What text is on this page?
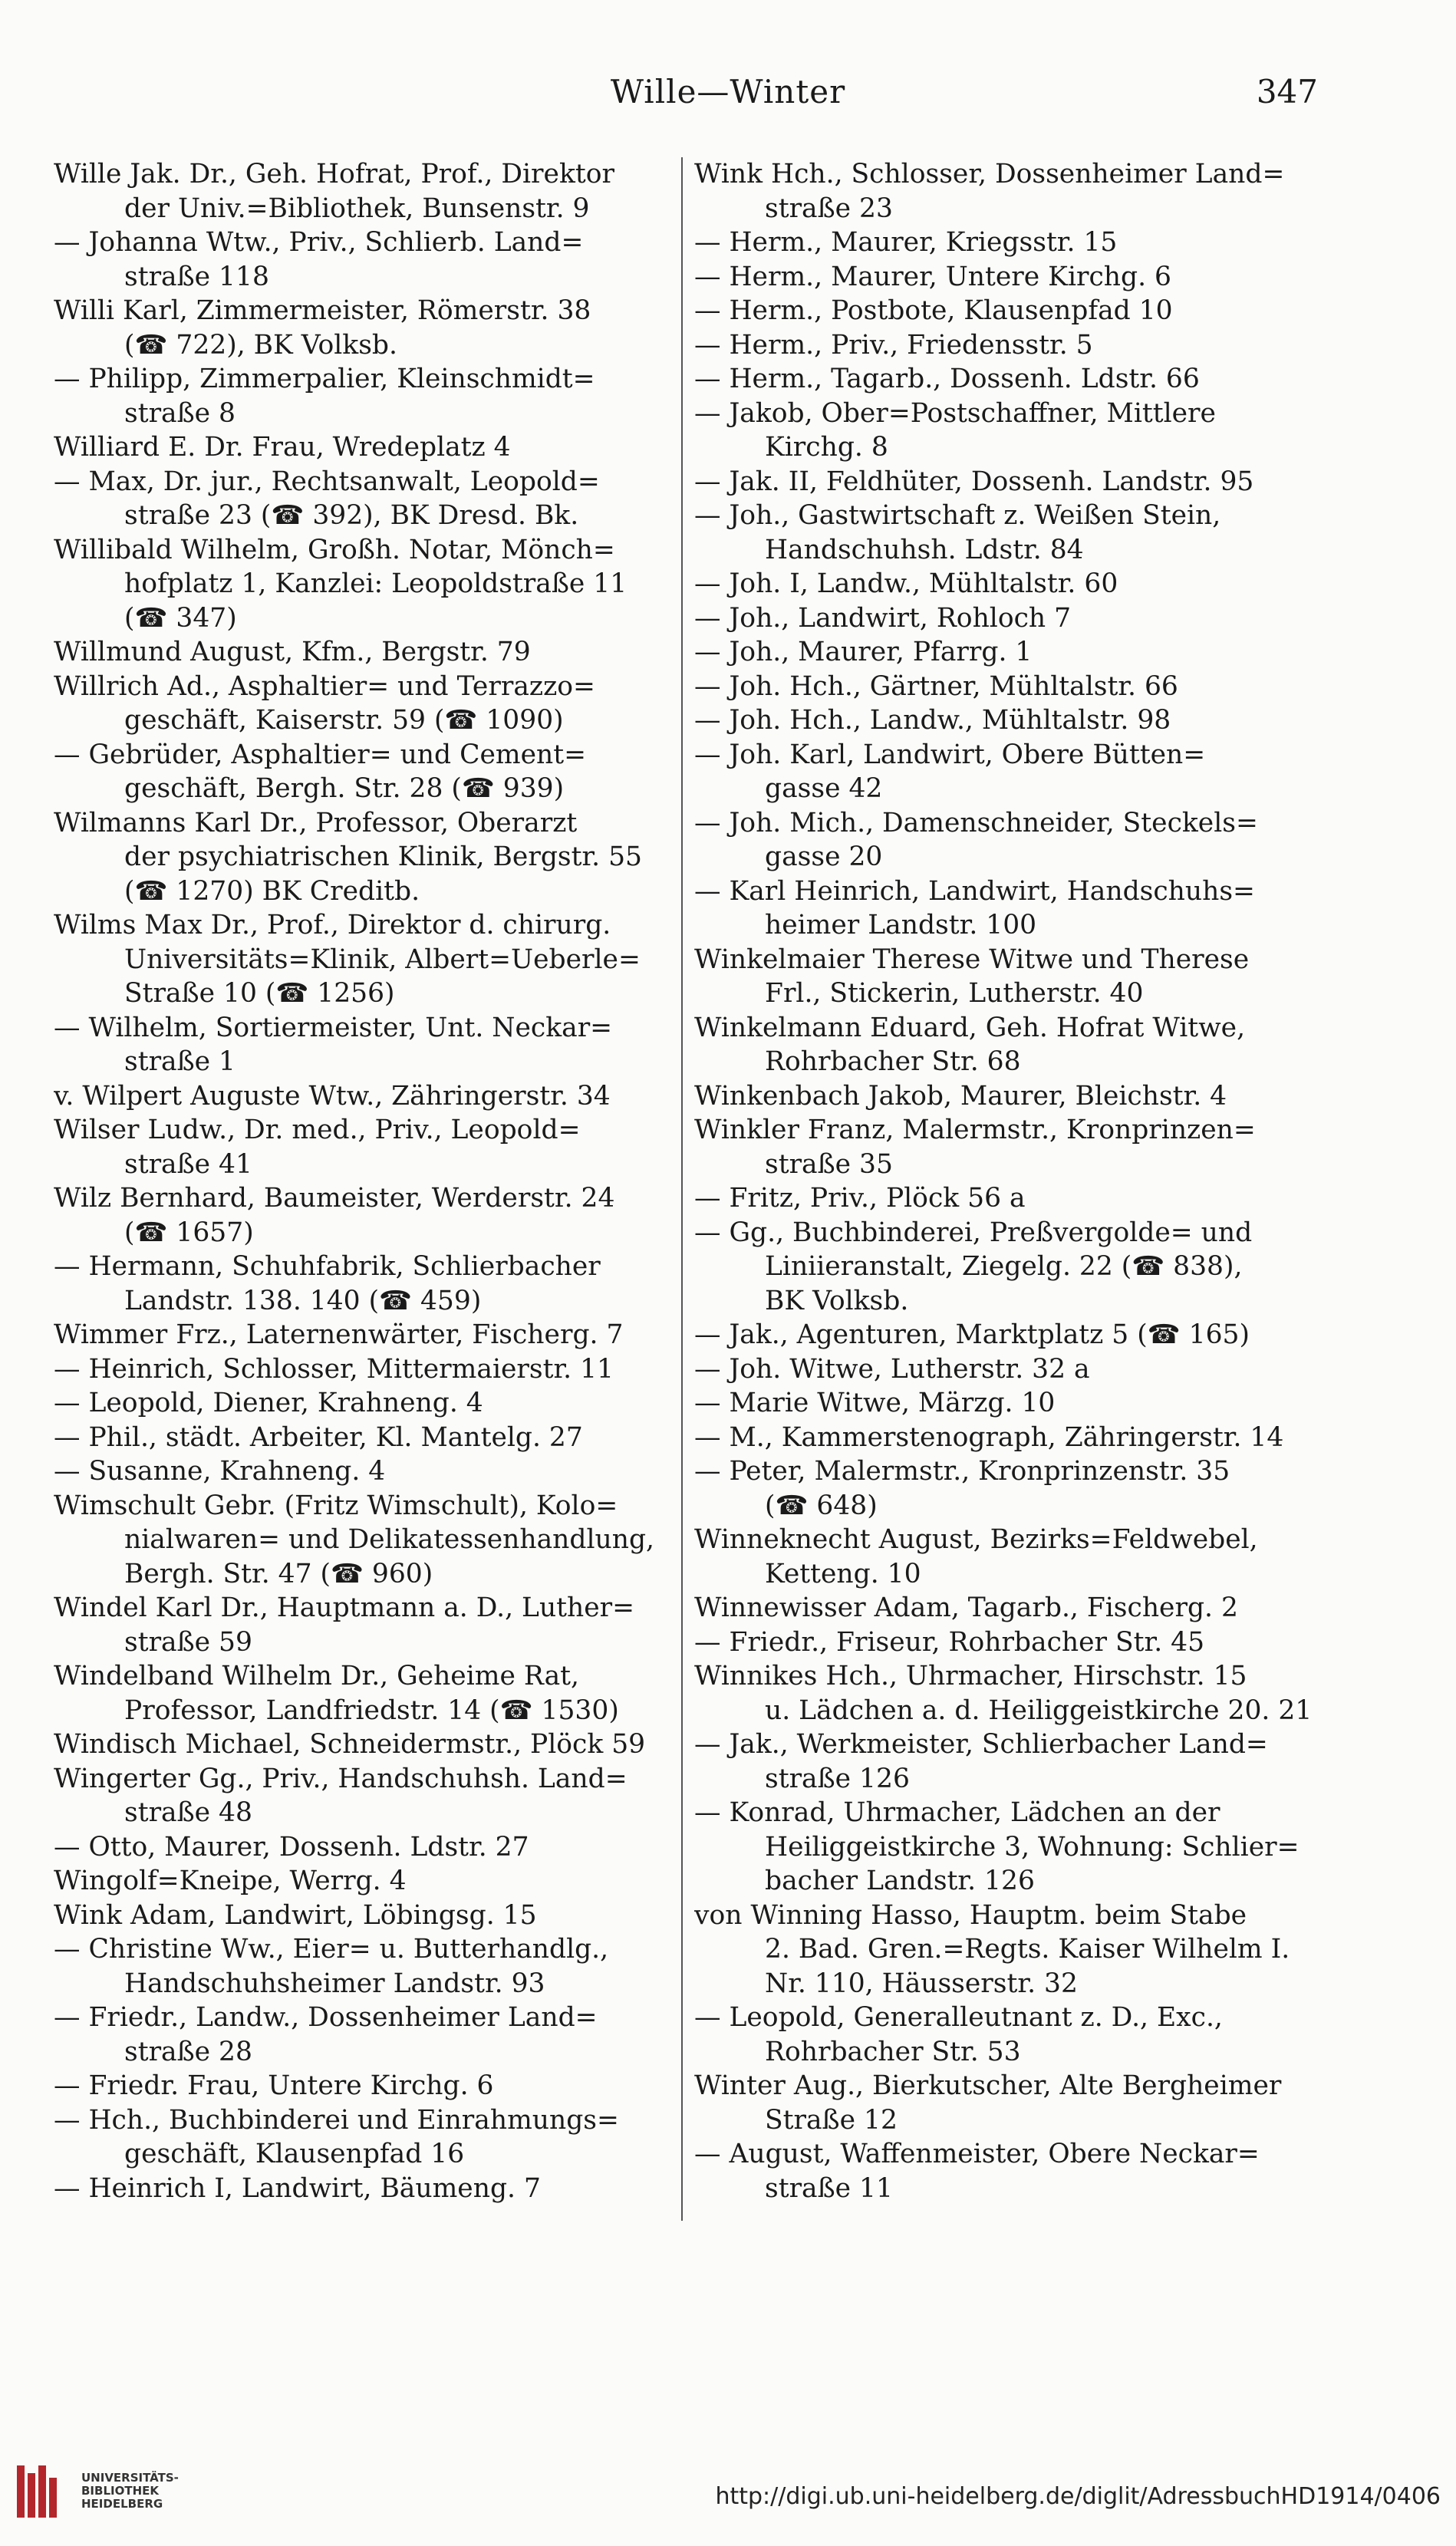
Wille—Winter	347
Wille Jak. Dr., Geh. Hofrat, Prof., Direktor
der Univ.=Bibliothek, Bunsenstr. 9
— Johanna Wtw., Priv., Schlierb. Land=
straße 118
Willi Karl, Zimmermeister, Römerstr. 38
(☎ 722), BK Volksb.
— Philipp, Zimmerpalier, Kleinschmidt=
straße 8
Williard E. Dr. Frau, Wredeplatz 4
— Max, Dr. jur., Rechtsanwalt, Leopold=
straße 23 (☎ 392), BK Dresd. Bk.
Willibald Wilhelm, Großh. Notar, Mönch=
hofplatz 1, Kanzlei: Leopoldstraße 11
(☎ 347)
Willmund August, Kfm., Bergstr. 79
Willrich Ad., Asphaltier= und Terrazzo=
geschäft, Kaiserstr. 59 (☎ 1090)
— Gebrüder, Asphaltier= und Cement=
geschäft, Bergh. Str. 28 (☎ 939)
Wilmanns Karl Dr., Professor, Oberarzt
der psychiatrischen Klinik, Bergstr. 55
(☎ 1270) BK Creditb.
Wilms Max Dr., Prof., Direktor d. chirurg.
Universitäts=Klinik, Albert=Ueberle=
Straße 10 (☎ 1256)
— Wilhelm, Sortiermeister, Unt. Neckar=
straße 1
v. Wilpert Auguste Wtw., Zähringerstr. 34
Wilser Ludw., Dr. med., Priv., Leopold=
straße 41
Wilz Bernhard, Baumeister, Werderstr. 24
(☎ 1657)
— Hermann, Schuhfabrik, Schlierbacher
Landstr. 138. 140 (☎ 459)
Wimmer Frz., Laternenwärter, Fischerg. 7
— Heinrich, Schlosser, Mittermaierstr. 11
— Leopold, Diener, Krahneng. 4
— Phil., städt. Arbeiter, Kl. Mantelg. 27
— Susanne, Krahneng. 4
Wimschult Gebr. (Fritz Wimschult), Kolo=
nialwaren= und Delikatessenhandlung,
Bergh. Str. 47 (☎ 960)
Windel Karl Dr., Hauptmann a. D., Luther=
straße 59
Windelband Wilhelm Dr., Geheime Rat,
Professor, Landfriedstr. 14 (☎ 1530)
Windisch Michael, Schneidermstr., Plöck 59
Wingerter Gg., Priv., Handschuhsh. Land=
straße 48
— Otto, Maurer, Dossenh. Ldstr. 27
Wingolf=Kneipe, Werrg. 4
Wink Adam, Landwirt, Löbingsg. 15
— Christine Ww., Eier= u. Butterhandlg.,
Handschuhsheimer Landstr. 93
— Friedr., Landw., Dossenheimer Land=
straße 28
— Friedr. Frau, Untere Kirchg. 6
— Hch., Buchbinderei und Einrahmungs=
geschäft, Klausenpfad 16
— Heinrich I, Landwirt, Bäumeng. 7
Wink Hch., Schlosser, Dossenheimer Land=
straße 23
— Herm., Maurer, Kriegsstr. 15
— Herm., Maurer, Untere Kirchg. 6
— Herm., Postbote, Klausenpfad 10
— Herm., Priv., Friedensstr. 5
— Herm., Tagarb., Dossenh. Ldstr. 66
— Jakob, Ober=Postschaffner, Mittlere
Kirchg. 8
— Jak. II, Feldhüter, Dossenh. Landstr. 95
— Joh., Gastwirtschaft z. Weißen Stein,
Handschuhsh. Ldstr. 84
— Joh. I, Landw., Mühltalstr. 60
— Joh., Landwirt, Rohloch 7
— Joh., Maurer, Pfarrg. 1
— Joh. Hch., Gärtner, Mühltalstr. 66
— Joh. Hch., Landw., Mühltalstr. 98
— Joh. Karl, Landwirt, Obere Bütten=
gasse 42
— Joh. Mich., Damenschneider, Steckels=
gasse 20
— Karl Heinrich, Landwirt, Handschuhs=
heimer Landstr. 100
Winkelmaier Therese Witwe und Therese
Frl., Stickerin, Lutherstr. 40
Winkelmann Eduard, Geh. Hofrat Witwe,
Rohrbacher Str. 68
Winkenbach Jakob, Maurer, Bleichstr. 4
Winkler Franz, Malermstr., Kronprinzen=
straße 35
— Fritz, Priv., Plöck 56 a
— Gg., Buchbinderei, Preßvergolde= und
Liniieranstalt, Ziegelg. 22 (☎ 838),
BK Volksb.
— Jak., Agenturen, Marktplatz 5 (☎ 165)
— Joh. Witwe, Lutherstr. 32 a
— Marie Witwe, Märzg. 10
— M., Kammerstenograph, Zähringerstr. 14
— Peter, Malermstr., Kronprinzenstr. 35
(☎ 648)
Winneknecht August, Bezirks=Feldwebel,
Ketteng. 10
Winnewisser Adam, Tagarb., Fischerg. 2
— Friedr., Friseur, Rohrbacher Str. 45
Winnikes Hch., Uhrmacher, Hirschstr. 15
u. Lädchen a. d. Heiliggeistkirche 20. 21
— Jak., Werkmeister, Schlierbacher Land=
straße 126
— Konrad, Uhrmacher, Lädchen an der
Heiliggeistkirche 3, Wohnung: Schlier=
bacher Landstr. 126
von Winning Hasso, Hauptm. beim Stabe
2. Bad. Gren.=Regts. Kaiser Wilhelm I.
Nr. 110, Häusserstr. 32
— Leopold, Generalleutnant z. D., Exc.,
Rohrbacher Str. 53
Winter Aug., Bierkutscher, Alte Bergheimer
Straße 12
— August, Waffenmeister, Obere Neckar=
straße 11
UNIVERSITÄTS-
BIBLIOTHEK
HEIDELBERG	http://digi.ub.uni-heidelberg.de/diglit/AdressbuchHD1914/0406
